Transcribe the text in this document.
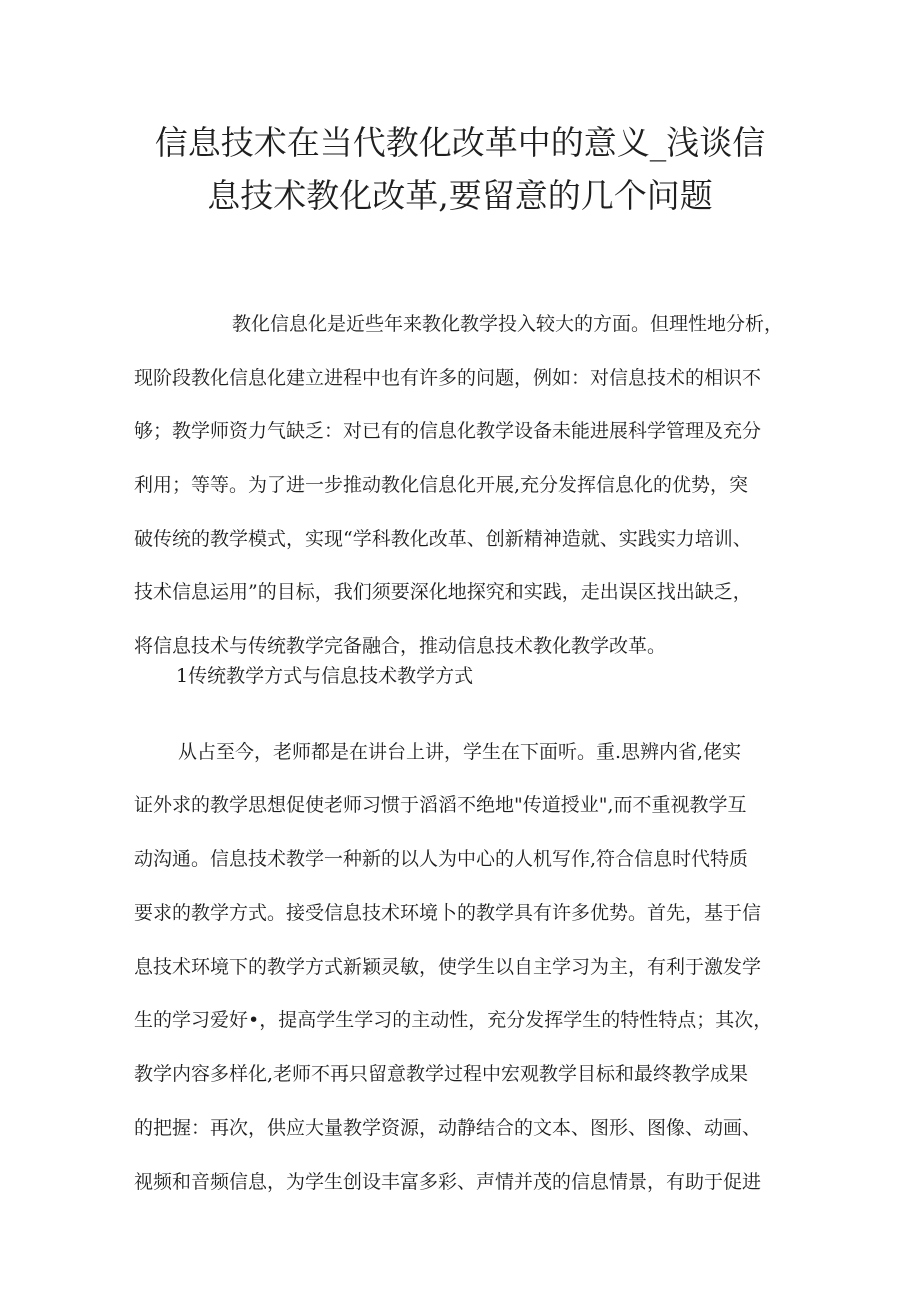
信息技术在当代教化改革中的意义_浅谈信
息技术教化改革,要留意的几个问题
教化信息化是近些年来教化教学投入较大的方面。但理性地分析，
现阶段教化信息化建立进程中也有许多的问题，例如：对信息技术的相识不
够；教学师资力气缺乏：对已有的信息化教学设备未能进展科学管理及充分
利用；等等。为了进一步推动教化信息化开展,充分发挥信息化的优势，突
破传统的教学模式，实现“学科教化改革、创新精神造就、实践实力培训、
技术信息运用”的目标，我们须要深化地探究和实践，走出误区找出缺乏，
将信息技术与传统教学完备融合，推动信息技术教化教学改革。
1传统教学方式与信息技术教学方式
从占至今，老师都是在讲台上讲，学生在下面听。重.思辨内省,佬实
证外求的教学思想促使老师习惯于滔滔不绝地"传道授业",而不重视教学互
动沟通。信息技术教学一种新的以人为中心的人机写作,符合信息时代特质
要求的教学方式。接受信息技术环境卜的教学具有许多优势。首先，基于信
息技术环境下的教学方式新颖灵敏，使学生以自主学习为主，有利于激发学
生的学习爱好•，提高学生学习的主动性，充分发挥学生的特性特点；其次，
教学内容多样化,老师不再只留意教学过程中宏观教学目标和最终教学成果
的把握：再次，供应大量教学资源，动静结合的文本、图形、图像、动画、
视频和音频信息，为学生创设丰富多彩、声情并茂的信息情景，有助于促进
